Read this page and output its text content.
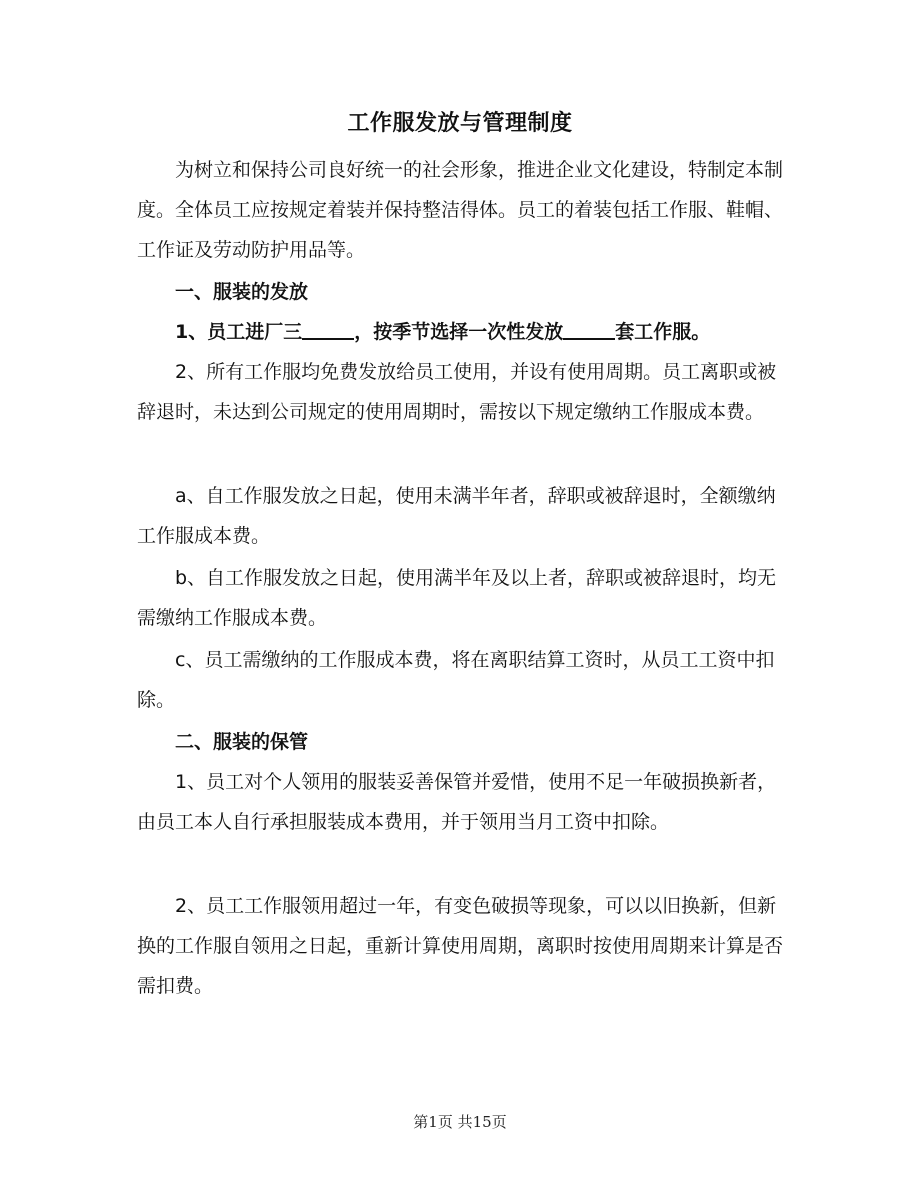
工作服发放与管理制度

为树立和保持公司良好统一的社会形象，推进企业文化建设，特制定本制度。全体员工应按规定着装并保持整洁得体。员工的着装包括工作服、鞋帽、工作证及劳动防护用品等。

一、服装的发放

1、员工进厂三	，按季节选择一次性发放	套工作服。

2、所有工作服均免费发放给员工使用，并设有使用周期。员工离职或被辞退时，未达到公司规定的使用周期时，需按以下规定缴纳工作服成本费。

a、自工作服发放之日起，使用未满半年者，辞职或被辞退时，全额缴纳工作服成本费。

b、自工作服发放之日起，使用满半年及以上者，辞职或被辞退时，均无需缴纳工作服成本费。

c、员工需缴纳的工作服成本费，将在离职结算工资时，从员工工资中扣除。

二、服装的保管

1、员工对个人领用的服装妥善保管并爱惜，使用不足一年破损换新者，由员工本人自行承担服装成本费用，并于领用当月工资中扣除。

2、员工工作服领用超过一年，有变色破损等现象，可以以旧换新，但新换的工作服自领用之日起，重新计算使用周期，离职时按使用周期来计算是否需扣费。

第1页 共15页
